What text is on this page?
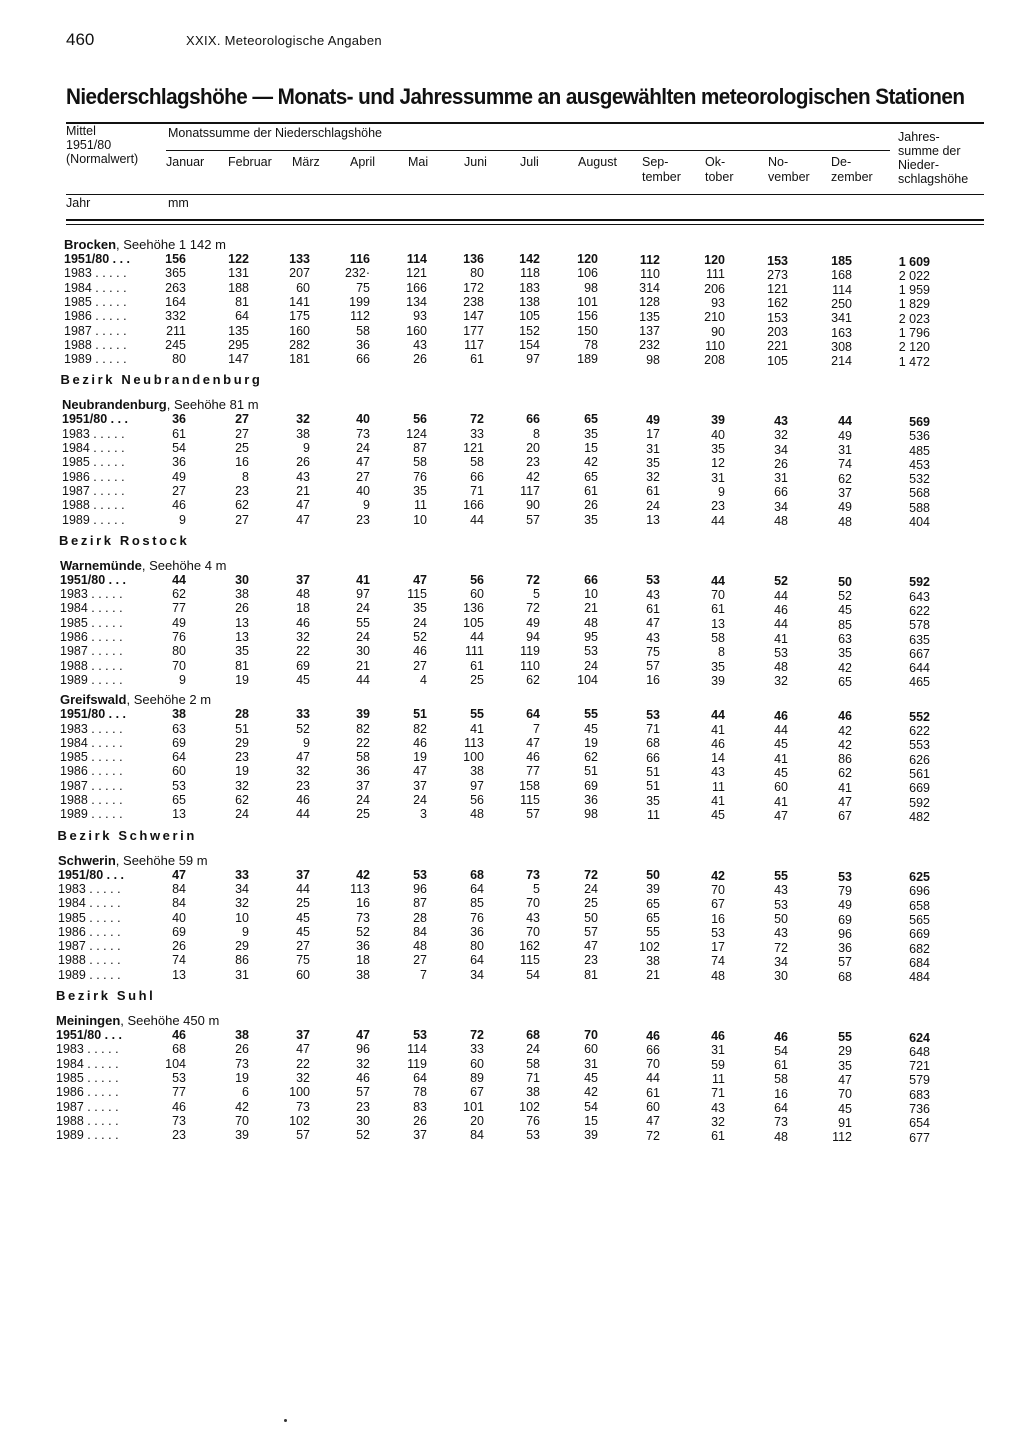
460	XXIX. Meteorologische Angaben
Niederschlagshöhe — Monats- und Jahressumme an ausgewählten meteorologischen Stationen
Mittel
1951/80
(Normalwert)
Jahr
Monatssumme der Niederschlagshöhe
mm
Jahres-
summe der
Nieder-
schlagshöhe
Januar Februar März April	Mai	Juni	Juli	August Sep-
tember
Ok-
tober
No-
vember
De-
zember
Brocken, Seehöhe 1 142 m
1951/80 . . .	156	122	133	116	114	136	142	120	112	120	153	185	1 609
1983 . . . . .	365	131	207	232·	121	80	118	106	110	111	273	168	2 022
1984 . . . . .	263	188	60	75	166	172	183	98	314	206	121	114	1 959
1985 . . . . .	164	81	141	199	134	238	138	101	128	93	162	250	1 829
1986 . . . . .	332	64	175	112	93	147	105	156	135	210	153	341	2 023
1987 . . . . .	211	135	160	58	160	177	152	150	137	90	203	163	1 796
1988 . . . . .	245	295	282	36	43	117	154	78	232	110	221	308	2 120
1989 . . . . .	80	147	181	66	26	61	97	189	98	208	105	214	1 472
Bezirk Neubrandenburg
Neubrandenburg, Seehöhe 81 m
1951/80 . . .	36	27	32	40	56	72	66	65	49	39	43	44	569
1983 . . . . .	61	27	38	73	124	33	8	35	17	40	32	49	536
1984 . . . . .	54	25	9	24	87	121	20	15	31	35	34	31	485
1985 . . . . .	36	16	26	47	58	58	23	42	35	12	26	74	453
1986 . . . . .	49	8	43	27	76	66	42	65	32	31	31	62	532
1987 . . . . .	27	23	21	40	35	71	117	61	61	9	66	37	568
1988 . . . . .	46	62	47	9	11	166	90	26	24	23	34	49	588
1989 . . . . .	9	27	47	23	10	44	57	35	13	44	48	48	404
Bezirk Rostock
Warnemünde, Seehöhe 4 m
1951/80 . . .	44	30	37	41	47	56	72	66	53	44	52	50	592
1983 . . . . .	62	38	48	97	115	60	5	10	43	70	44	52	643
1984 . . . . .	77	26	18	24	35	136	72	21	61	61	46	45	622
1985 . . . . .	49	13	46	55	24	105	49	48	47	13	44	85	578
1986 . . . . .	76	13	32	24	52	44	94	95	43	58	41	63	635
1987 . . . . .	80	35	22	30	46	111	119	53	75	8	53	35	667
1988 . . . . .	70	81	69	21	27	61	110	24	57	35	48	42	644
1989 . . . . .	9	19	45	44	4	25	62	104	16	39	32	65	465
Greifswald, Seehöhe 2 m
1951/80 . . .	38	28	33	39	51	55	64	55	53	44	46	46	552
1983 . . . . .	63	51	52	82	82	41	7	45	71	41	44	42	622
1984 . . . . .	69	29	9	22	46	113	47	19	68	46	45	42	553
1985 . . . . .	64	23	47	58	19	100	46	62	66	14	41	86	626
1986 . . . . .	60	19	32	36	47	38	77	51	51	43	45	62	561
1987 . . . . .	53	32	23	37	37	97	158	69	51	11	60	41	669
1988 . . . . .	65	62	46	24	24	56	115	36	35	41	41	47	592
1989 . . . . .	13	24	44	25	3	48	57	98	11	45	47	67	482
Bezirk Schwerin
Schwerin, Seehöhe 59 m
1951/80 . . .	47	33	37	42	53	68	73	72	50	42	55	53	625
1983 . . . . .	84	34	44	113	96	64	5	24	39	70	43	79	696
1984 . . . . .	84	32	25	16	87	85	70	25	65	67	53	49	658
1985 . . . . .	40	10	45	73	28	76	43	50	65	16	50	69	565
1986 . . . . .	69	9	45	52	84	36	70	57	55	53	43	96	669
1987 . . . . .	26	29	27	36	48	80	162	47	102	17	72	36	682
1988 . . . . .	74	86	75	18	27	64	115	23	38	74	34	57	684
1989 . . . . .	13	31	60	38	7	34	54	81	21	48	30	68	484
Bezirk Suhl
Meiningen, Seehöhe 450 m
1951/80 . . .	46	38	37	47	53	72	68	70	46	46	46	55	624
1983 . . . . .	68	26	47	96	114	33	24	60	66	31	54	29	648
1984 . . . . .	104	73	22	32	119	60	58	31	70	59	61	35	721
1985 . . . . .	53	19	32	46	64	89	71	45	44	11	58	47	579
1986 . . . . .	77	6	100	57	78	67	38	42	61	71	16	70	683
1987 . . . . .	46	42	73	23	83	101	102	54	60	43	64	45	736
1988 . . . . .	73	70	102	30	26	20	76	15	47	32	73	91	654
1989 . . . . .	23	39	57	52	37	84	53	39	72	61	48	112	677
